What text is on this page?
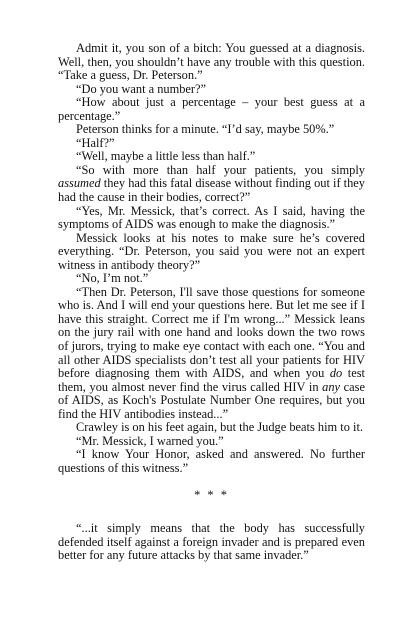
Admit it, you son of a bitch: You guessed at a diagnosis. Well, then, you shouldn’t have any trouble with this question. “Take a guess, Dr. Peterson.”

“Do you want a number?”

“How about just a percentage – your best guess at a percentage.”

Peterson thinks for a minute. “I’d say, maybe 50%.”

“Half?”

“Well, maybe a little less than half.”

“So with more than half your patients, you simply assumed they had this fatal disease without finding out if they had the cause in their bodies, correct?”

“Yes, Mr. Messick, that’s correct. As I said, having the symptoms of AIDS was enough to make the diagnosis.”

Messick looks at his notes to make sure he’s covered everything. “Dr. Peterson, you said you were not an expert witness in antibody theory?”

“No, I’m not.”

“Then Dr. Peterson, I'll save those questions for someone who is. And I will end your questions here. But let me see if I have this straight. Correct me if I'm wrong...” Messick leans on the jury rail with one hand and looks down the two rows of jurors, trying to make eye contact with each one. “You and all other AIDS specialists don’t test all your patients for HIV before diagnosing them with AIDS, and when you do test them, you almost never find the virus called HIV in any case of AIDS, as Koch's Postulate Number One requires, but you find the HIV antibodies instead...”

Crawley is on his feet again, but the Judge beats him to it.

“Mr. Messick, I warned you.”

“I know Your Honor, asked and answered. No further questions of this witness.”

* * *

“...it simply means that the body has successfully defended itself against a foreign invader and is prepared even better for any future attacks by that same invader.”
